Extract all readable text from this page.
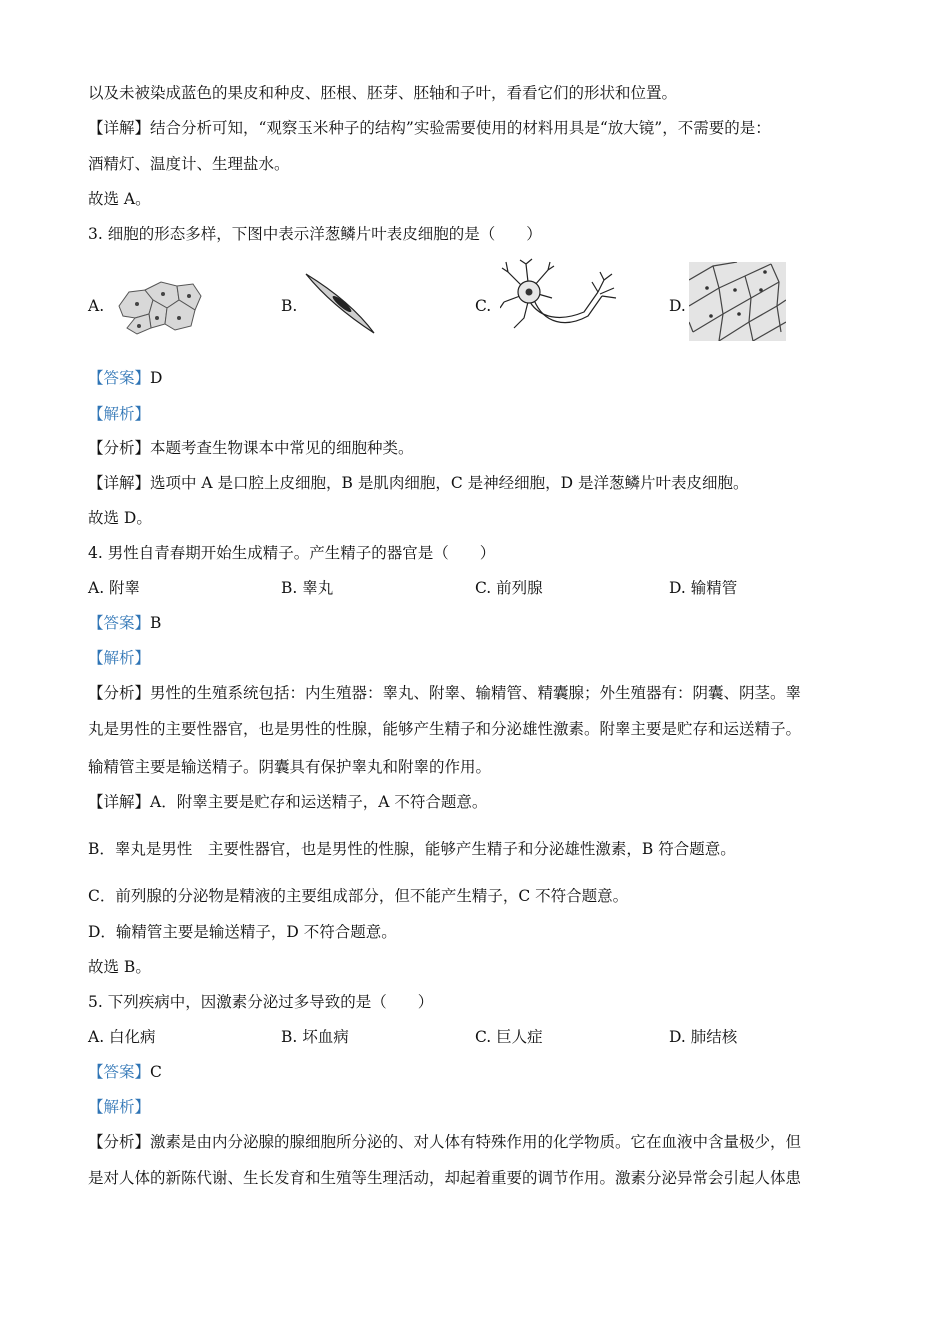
以及未被染成蓝色的果皮和种皮、胚根、胚芽、胚轴和子叶，看看它们的形状和位置。
【详解】结合分析可知，“观察玉米种子的结构”实验需要使用的材料用具是“放大镜”，不需要的是：
酒精灯、温度计、生理盐水。
故选 A。
3. 细胞的形态多样，下图中表示洋葱鳞片叶表皮细胞的是（　　）
A.	B.	C.	D.
【答案】D
【解析】
【分析】本题考查生物课本中常见的细胞种类。
【详解】选项中 A 是口腔上皮细胞，B 是肌肉细胞，C 是神经细胞，D 是洋葱鳞片叶表皮细胞。
故选 D。
4. 男性自青春期开始生成精子。产生精子的器官是（　　）
A. 附睾	B. 睾丸	C. 前列腺	D. 输精管
【答案】B
【解析】
【分析】男性的生殖系统包括：内生殖器：睾丸、附睾、输精管、精囊腺；外生殖器有：阴囊、阴茎。睾
丸是男性的主要性器官，也是男性的性腺，能够产生精子和分泌雄性激素。附睾主要是贮存和运送精子。
输精管主要是输送精子。阴囊具有保护睾丸和附睾的作用。
【详解】A．附睾主要是贮存和运送精子，A 不符合题意。
B．睾丸是男性　主要性器官，也是男性的性腺，能够产生精子和分泌雄性激素，B 符合题意。
C．前列腺的分泌物是精液的主要组成部分，但不能产生精子，C 不符合题意。
D．输精管主要是输送精子，D 不符合题意。
故选 B。
5. 下列疾病中，因激素分泌过多导致的是（　　）
A. 白化病	B. 坏血病	C. 巨人症	D. 肺结核
【答案】C
【解析】
【分析】激素是由内分泌腺的腺细胞所分泌的、对人体有特殊作用的化学物质。它在血液中含量极少，但
是对人体的新陈代谢、生长发育和生殖等生理活动，却起着重要的调节作用。激素分泌异常会引起人体患
